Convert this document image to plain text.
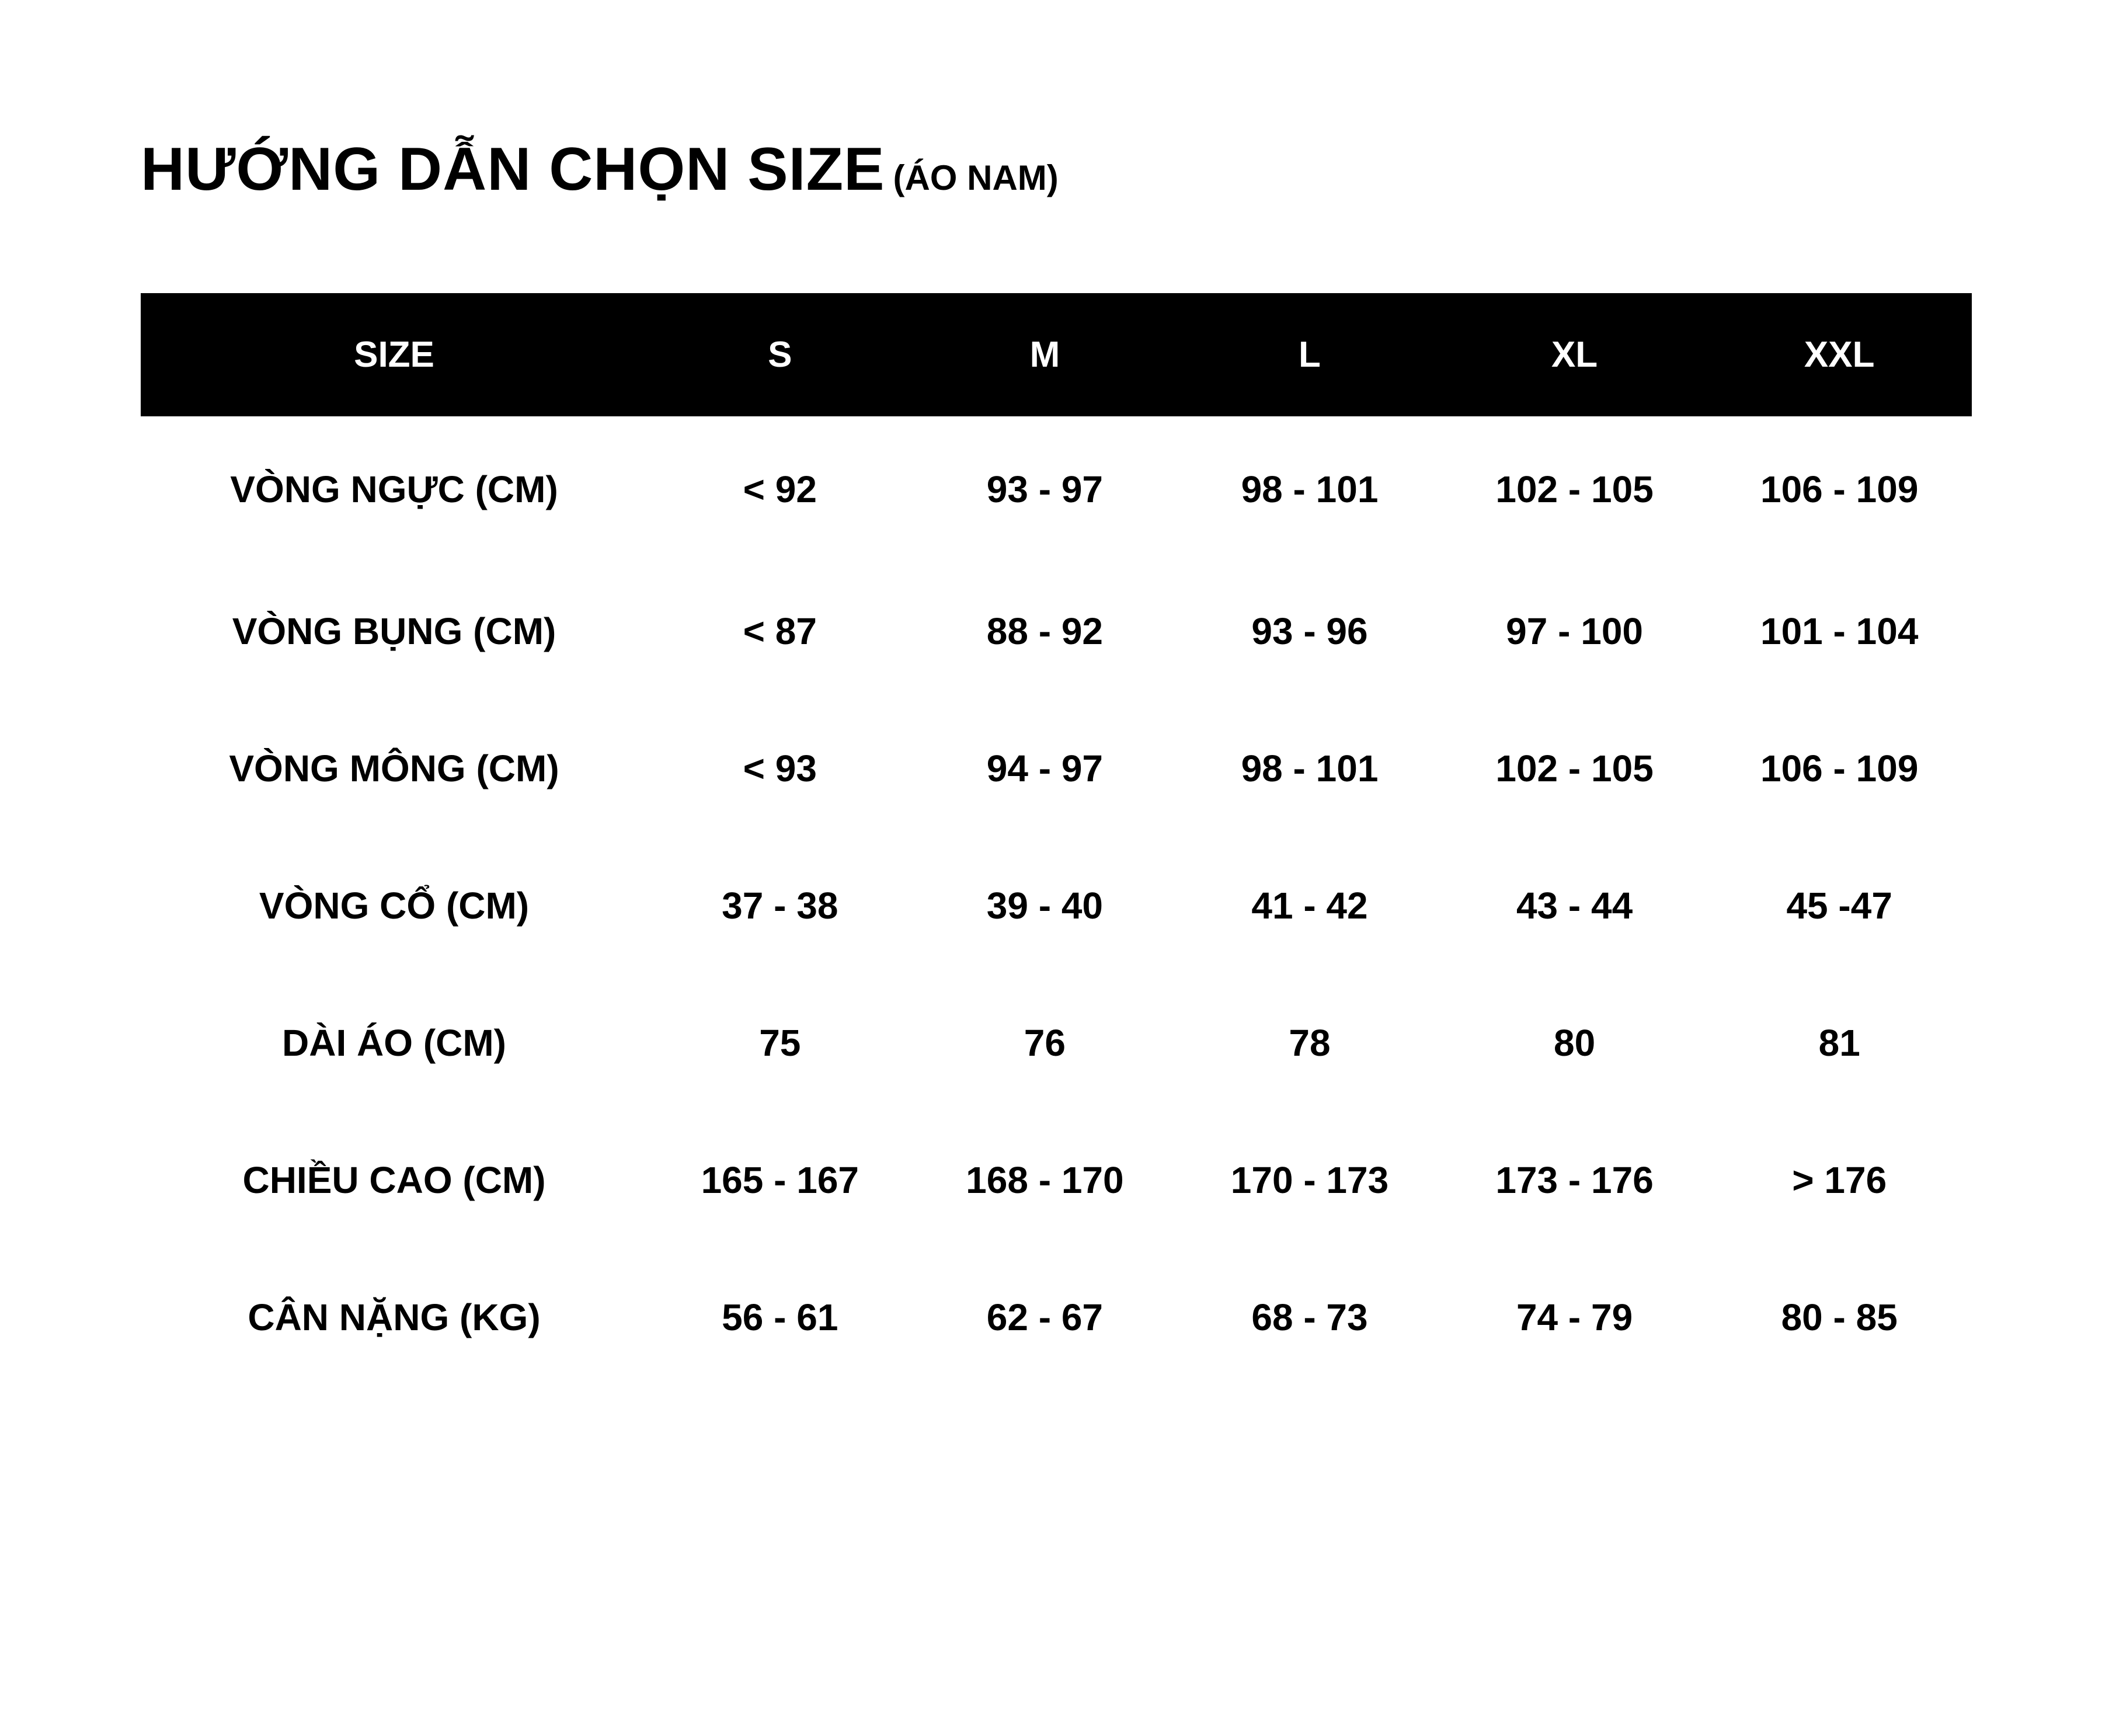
HƯỚNG DẪN CHỌN SIZE (ÁO NAM)
SIZE	S	M	L	XL	XXL
VÒNG NGỰC (CM)	< 92	93 - 97	98 - 101	102 - 105	106 - 109
VÒNG BỤNG (CM)	< 87	88 - 92	93 - 96	97 - 100	101 - 104
VÒNG MÔNG (CM)	< 93	94 - 97	98 - 101	102 - 105	106 - 109
VÒNG CỔ (CM)	37 - 38	39 - 40	41 - 42	43 - 44	45 -47
DÀI ÁO (CM)	75	76	78	80	81
CHIỀU CAO (CM)	165 - 167	168 - 170	170 - 173	173 - 176	> 176
CÂN NẶNG (KG)	56 - 61	62 - 67	68 - 73	74 - 79	80 - 85
